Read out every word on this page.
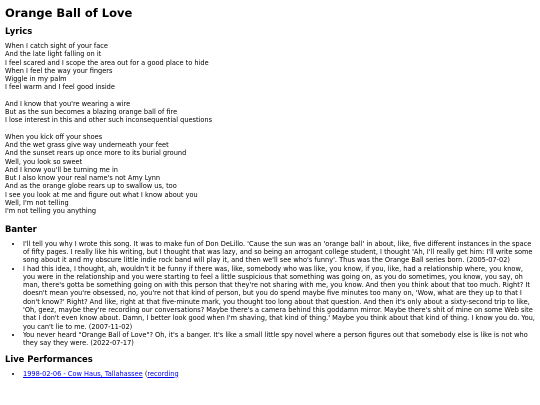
Orange Ball of Love
Lyrics
When I catch sight of your face
And the late light falling on it
I feel scared and I scope the area out for a good place to hide
When I feel the way your fingers
Wiggle in my palm
I feel warm and I feel good inside
And I know that you're wearing a wire
But as the sun becomes a blazing orange ball of fire
I lose interest in this and other such inconsequential questions
When you kick off your shoes
And the wet grass give way underneath your feet
And the sunset rears up once more to its burial ground
Well, you look so sweet
And I know you'll be turning me in
But I also know your real name's not Amy Lynn
And as the orange globe rears up to swallow us, too
I see you look at me and figure out what I know about you
Well, I'm not telling
I'm not telling you anything
Banter
• I'll tell you why I wrote this song. It was to make fun of Don DeLillo. 'Cause the sun was an 'orange ball' in about, like, five different instances in the space of fifty pages. I really like his writing, but I thought that was lazy, and so being an arrogant college student, I thought 'Ah, I'll really get him: I'll write some song about it and my obscure little indie rock band will play it, and then we'll see who's funny'. Thus was the Orange Ball series born. (2005-07-02)
• I had this idea, I thought, ah, wouldn't it be funny if there was, like, somebody who was like, you know, if you, like, had a relationship where, you know, you were in the relationship and you were starting to feel a little suspicious that something was going on, as you do sometimes, you know, you say, oh man, there's gotta be something going on with this person that they're not sharing with me, you know. And then you think about that too much. Right? It doesn't mean you're obsessed, no, you're not that kind of person, but you do spend maybe five minutes too many on, 'Wow, what are they up to that I don't know?' Right? And like, right at that five-minute mark, you thought too long about that question. And then it's only about a sixty-second trip to like, 'Oh, geez, maybe they're recording our conversations? Maybe there's a camera behind this goddamn mirror. Maybe there's shit of mine on some Web site that I don't even know about. Damn, I better look good when I'm shaving, that kind of thing.' Maybe you think about that kind of thing. I know you do. You, you can't lie to me. (2007-11-02)
• You never heard "Orange Ball of Love"? Oh, it's a banger. It's like a small little spy novel where a person figures out that somebody else is like is not who they say they were. (2022-07-17)
Live Performances
• 1998-02-06 - Cow Haus, Tallahassee (recording
